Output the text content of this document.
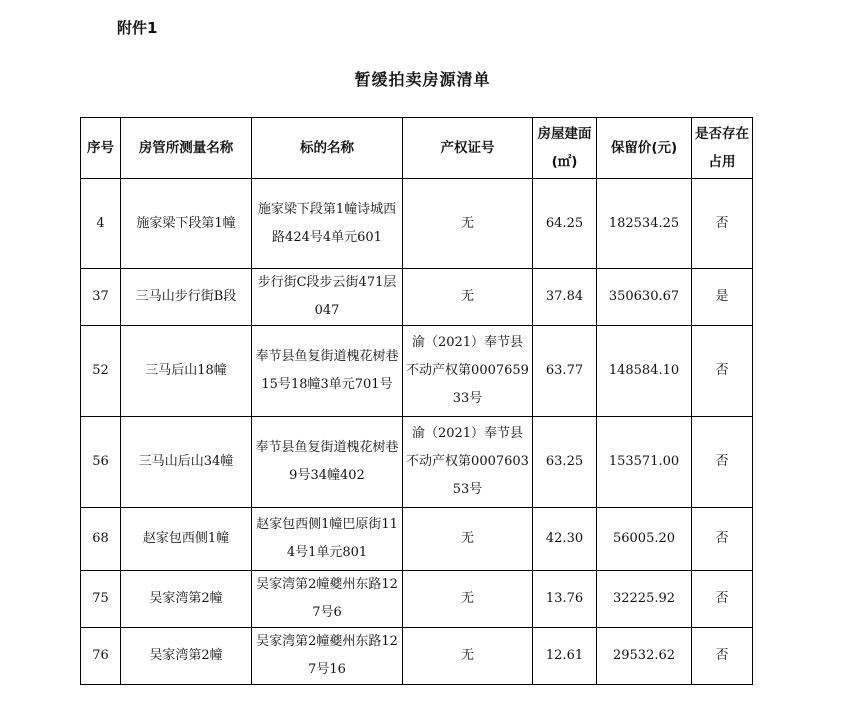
附件1
暂缓拍卖房源清单
序号	房管所测量名称	标的名称	产权证号	房屋建面(㎡)	保留价(元)	是否存在占用

4	施家梁下段第1幢	施家梁下段第1幢诗城西路424号4单元601	无	64.25	182534.25	否
37	三马山步行街B段	步行街C段步云街471层047	无	37.84	350630.67	是
52	三马后山18幢	奉节县鱼复街道槐花树巷15号18幢3单元701号	渝（2021）奉节县不动产权第000765933号	63.77	148584.10	否
56	三马山后山34幢	奉节县鱼复街道槐花树巷9号34幢402	渝（2021）奉节县不动产权第000760353号	63.25	153571.00	否
68	赵家包西侧1幢	赵家包西侧1幢巴原街114号1单元801	无	42.30	56005.20	否
75	吴家湾第2幢	吴家湾第2幢夔州东路127号6	无	13.76	32225.92	否
76	吴家湾第2幢	吴家湾第2幢夔州东路127号16	无	12.61	29532.62	否
